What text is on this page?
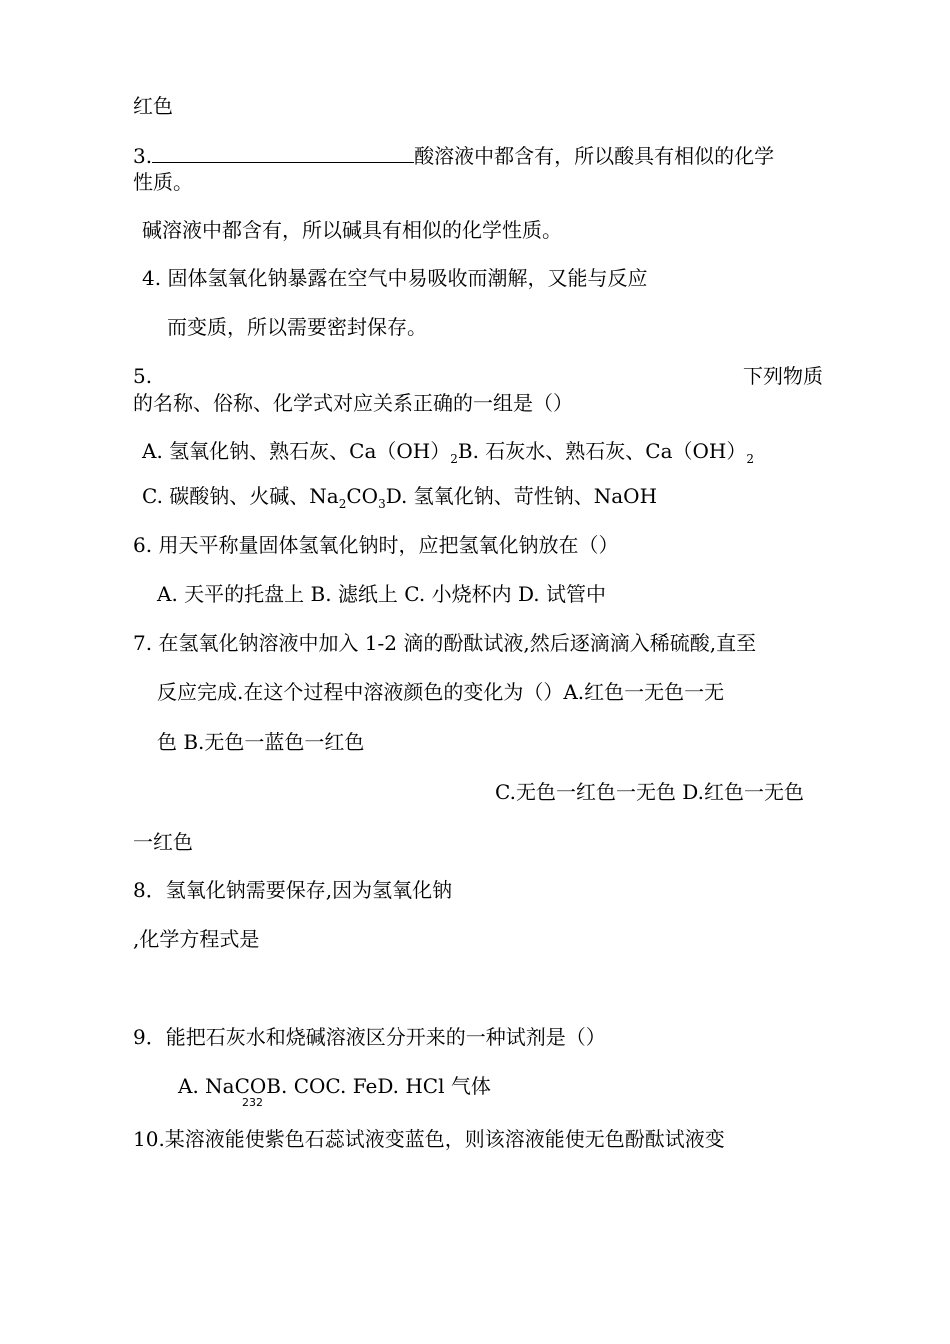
红色
3.	酸溶液中都含有，所以酸具有相似的化学
性质。
碱溶液中都含有，所以碱具有相似的化学性质。
4. 固体氢氧化钠暴露在空气中易吸收而潮解，又能与反应
而变质，所以需要密封保存。
5.	下列物质
的名称、俗称、化学式对应关系正确的一组是（）
A. 氢氧化钠、熟石灰、$Ca(OH)_2B$. 石灰水、熟石灰、$Ca(OH)_2$
C. 碳酸钠、火碱、$Na_2CO_3D$. 氢氧化钠、苛性钠、NaOH
6. 用天平称量固体氢氧化钠时，应把氢氧化钠放在（）
A. 天平的托盘上 B. 滤纸上 C. 小烧杯内 D. 试管中
7. 在氢氧化钠溶液中加入 1-2 滴的酚酞试液,然后逐滴滴入稀硫酸,直至
反应完成.在这个过程中溶液颜色的变化为（）A.红色一无色一无
色 B.无色一蓝色一红色
C.无色一红色一无色 D.红色一无色
一红色
8．氢氧化钠需要保存,因为氢氧化钠
,化学方程式是
9．能把石灰水和烧碱溶液区分开来的一种试剂是（）
A. NaCOB. COC. FeD. HCl 气体
232
10.某溶液能使紫色石蕊试液变蓝色，则该溶液能使无色酚酞试液变
